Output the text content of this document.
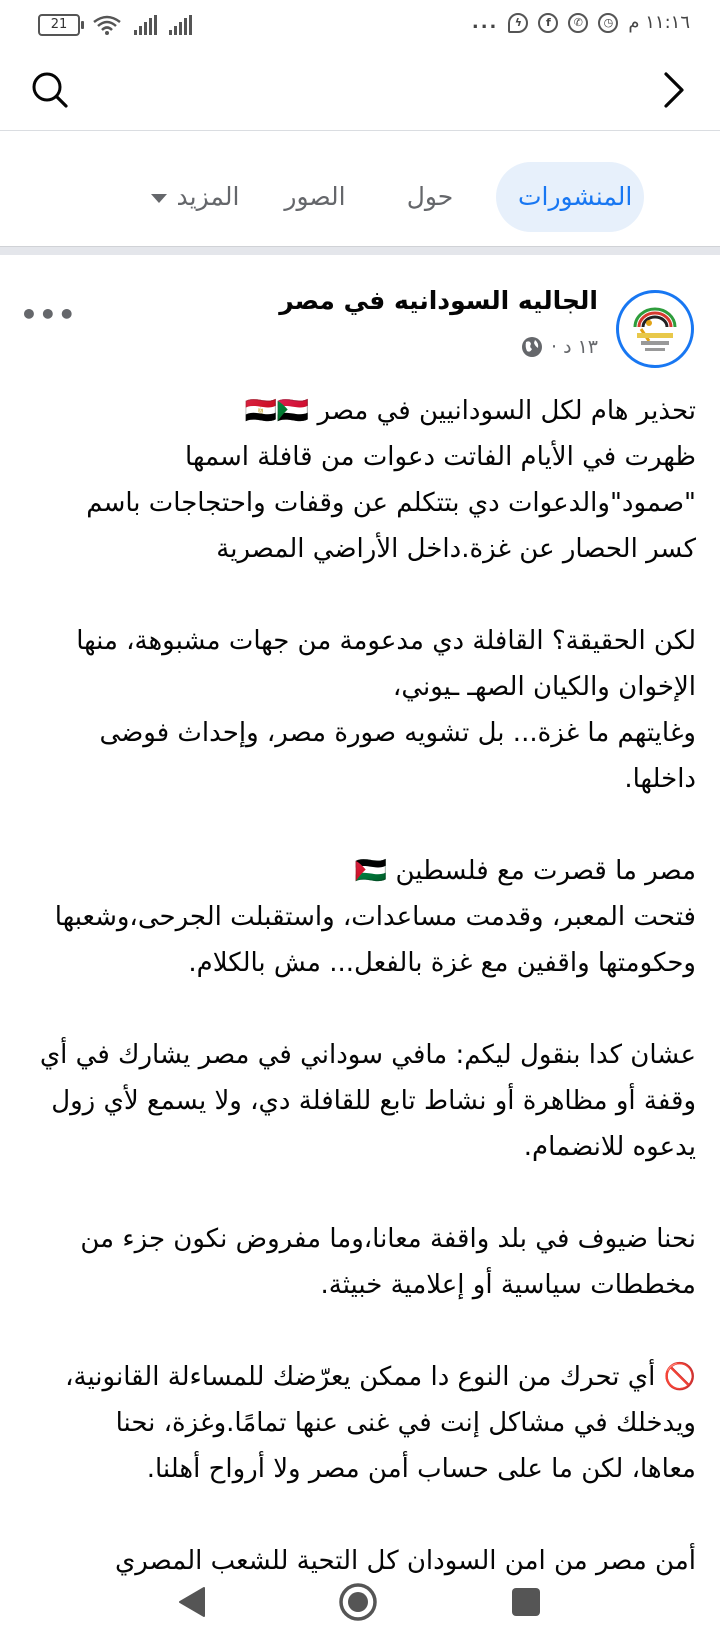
21	...	ϟ	f	✆	◷ ١١:١٦ م
المنشورات
حول
الصور
المزيد
الجاليه السودانيه في مصر
١٣ د ·
•••
تحذير هام لكل السودانيين في مصر 🇪🇬🇸🇩
ظهرت في الأيام الفاتت دعوات من قافلة اسمها
"صمود"والدعوات دي بتتكلم عن وقفات واحتجاجات باسم
كسر الحصار عن غزة.داخل الأراضي المصرية
لكن الحقيقة؟ القافلة دي مدعومة من جهات مشبوهة، منها
الإخوان والكيان الصهـ ـيوني،
وغايتهم ما غزة... بل تشويه صورة مصر، وإحداث فوضى
داخلها.
مصر ما قصرت مع فلسطين 🇵🇸
فتحت المعبر، وقدمت مساعدات، واستقبلت الجرحى،وشعبها
وحكومتها واقفين مع غزة بالفعل... مش بالكلام.
عشان كدا بنقول ليكم: مافي سوداني في مصر يشارك في أي
وقفة أو مظاهرة أو نشاط تابع للقافلة دي، ولا يسمع لأي زول
يدعوه للانضمام.
نحنا ضيوف في بلد واقفة معانا،وما مفروض نكون جزء من
مخططات سياسية أو إعلامية خبيثة.
🚫 أي تحرك من النوع دا ممكن يعرّضك للمساءلة القانونية،
ويدخلك في مشاكل إنت في غنى عنها تمامًا.وغزة، نحنا
معاها، لكن ما على حساب أمن مصر ولا أرواح أهلنا.
أمن مصر من امن السودان كل التحية للشعب المصري
